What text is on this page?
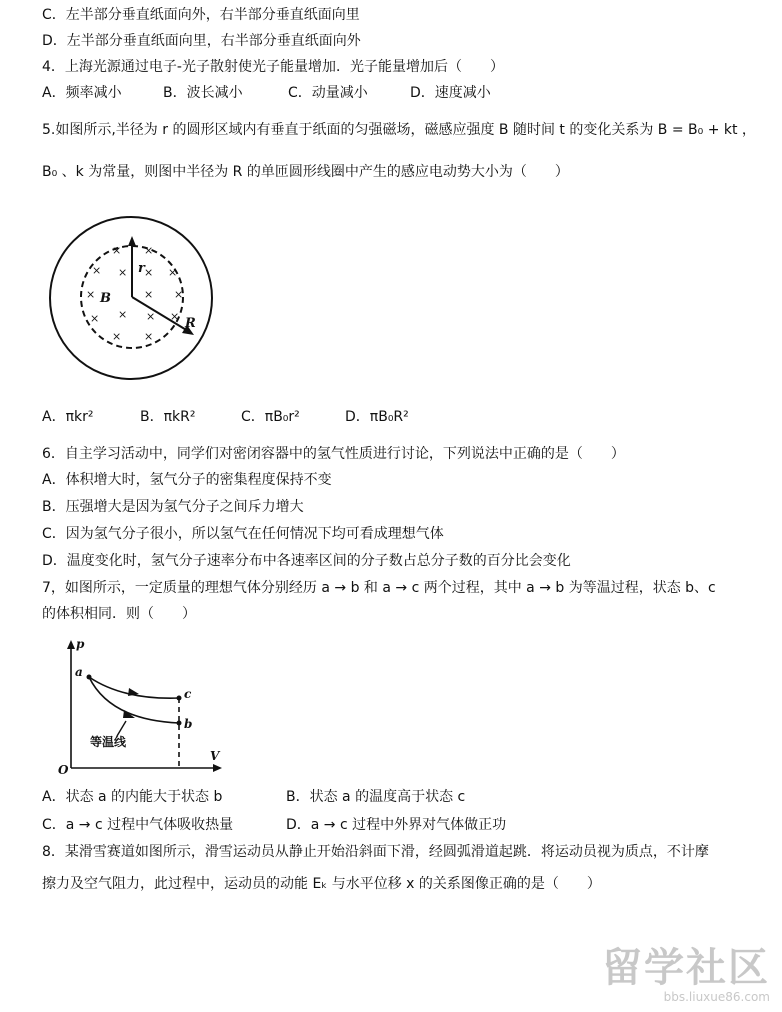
C．左半部分垂直纸面向外，右半部分垂直纸面向里
D．左半部分垂直纸面向里，右半部分垂直纸面向外
4．上海光源通过电子-光子散射使光子能量增加．光子能量增加后（　　）
A．频率减小	B．波长减小	C．动量减小	D．速度减小
5.如图所示,半径为 r 的圆形区域内有垂直于纸面的匀强磁场，磁感应强度 B 随时间 t 的变化关系为 B = B₀ + kt ，
B₀ 、k 为常量，则图中半径为 R 的单匝圆形线圈中产生的感应电动势大小为（　　）
× ×
× × × ×
×	× ×
× × × ×
× ×
r
B
R
A．πkr²	B．πkR²	C．πB₀r²	D．πB₀R²
6．自主学习活动中，同学们对密闭容器中的氢气性质进行讨论，下列说法中正确的是（　　）
A．体积增大时，氢气分子的密集程度保持不变
B．压强增大是因为氢气分子之间斥力增大
C．因为氢气分子很小，所以氢气在任何情况下均可看成理想气体
D．温度变化时，氢气分子速率分布中各速率区间的分子数占总分子数的百分比会变化
7，如图所示，一定质量的理想气体分别经历 a → b 和 a → c 两个过程，其中 a → b 为等温过程，状态 b、c
的体积相同．则（　　）
p
V
O
a
c
b
等温线
A．状态 a 的内能大于状态 b	B．状态 a 的温度高于状态 c
C．a → c 过程中气体吸收热量	D．a → c 过程中外界对气体做正功
8．某滑雪赛道如图所示，滑雪运动员从静止开始沿斜面下滑，经圆弧滑道起跳．将运动员视为质点，不计摩
擦力及空气阻力，此过程中，运动员的动能 Eₖ 与水平位移 x 的关系图像正确的是（　　）
留学社区
bbs.liuxue86.com
